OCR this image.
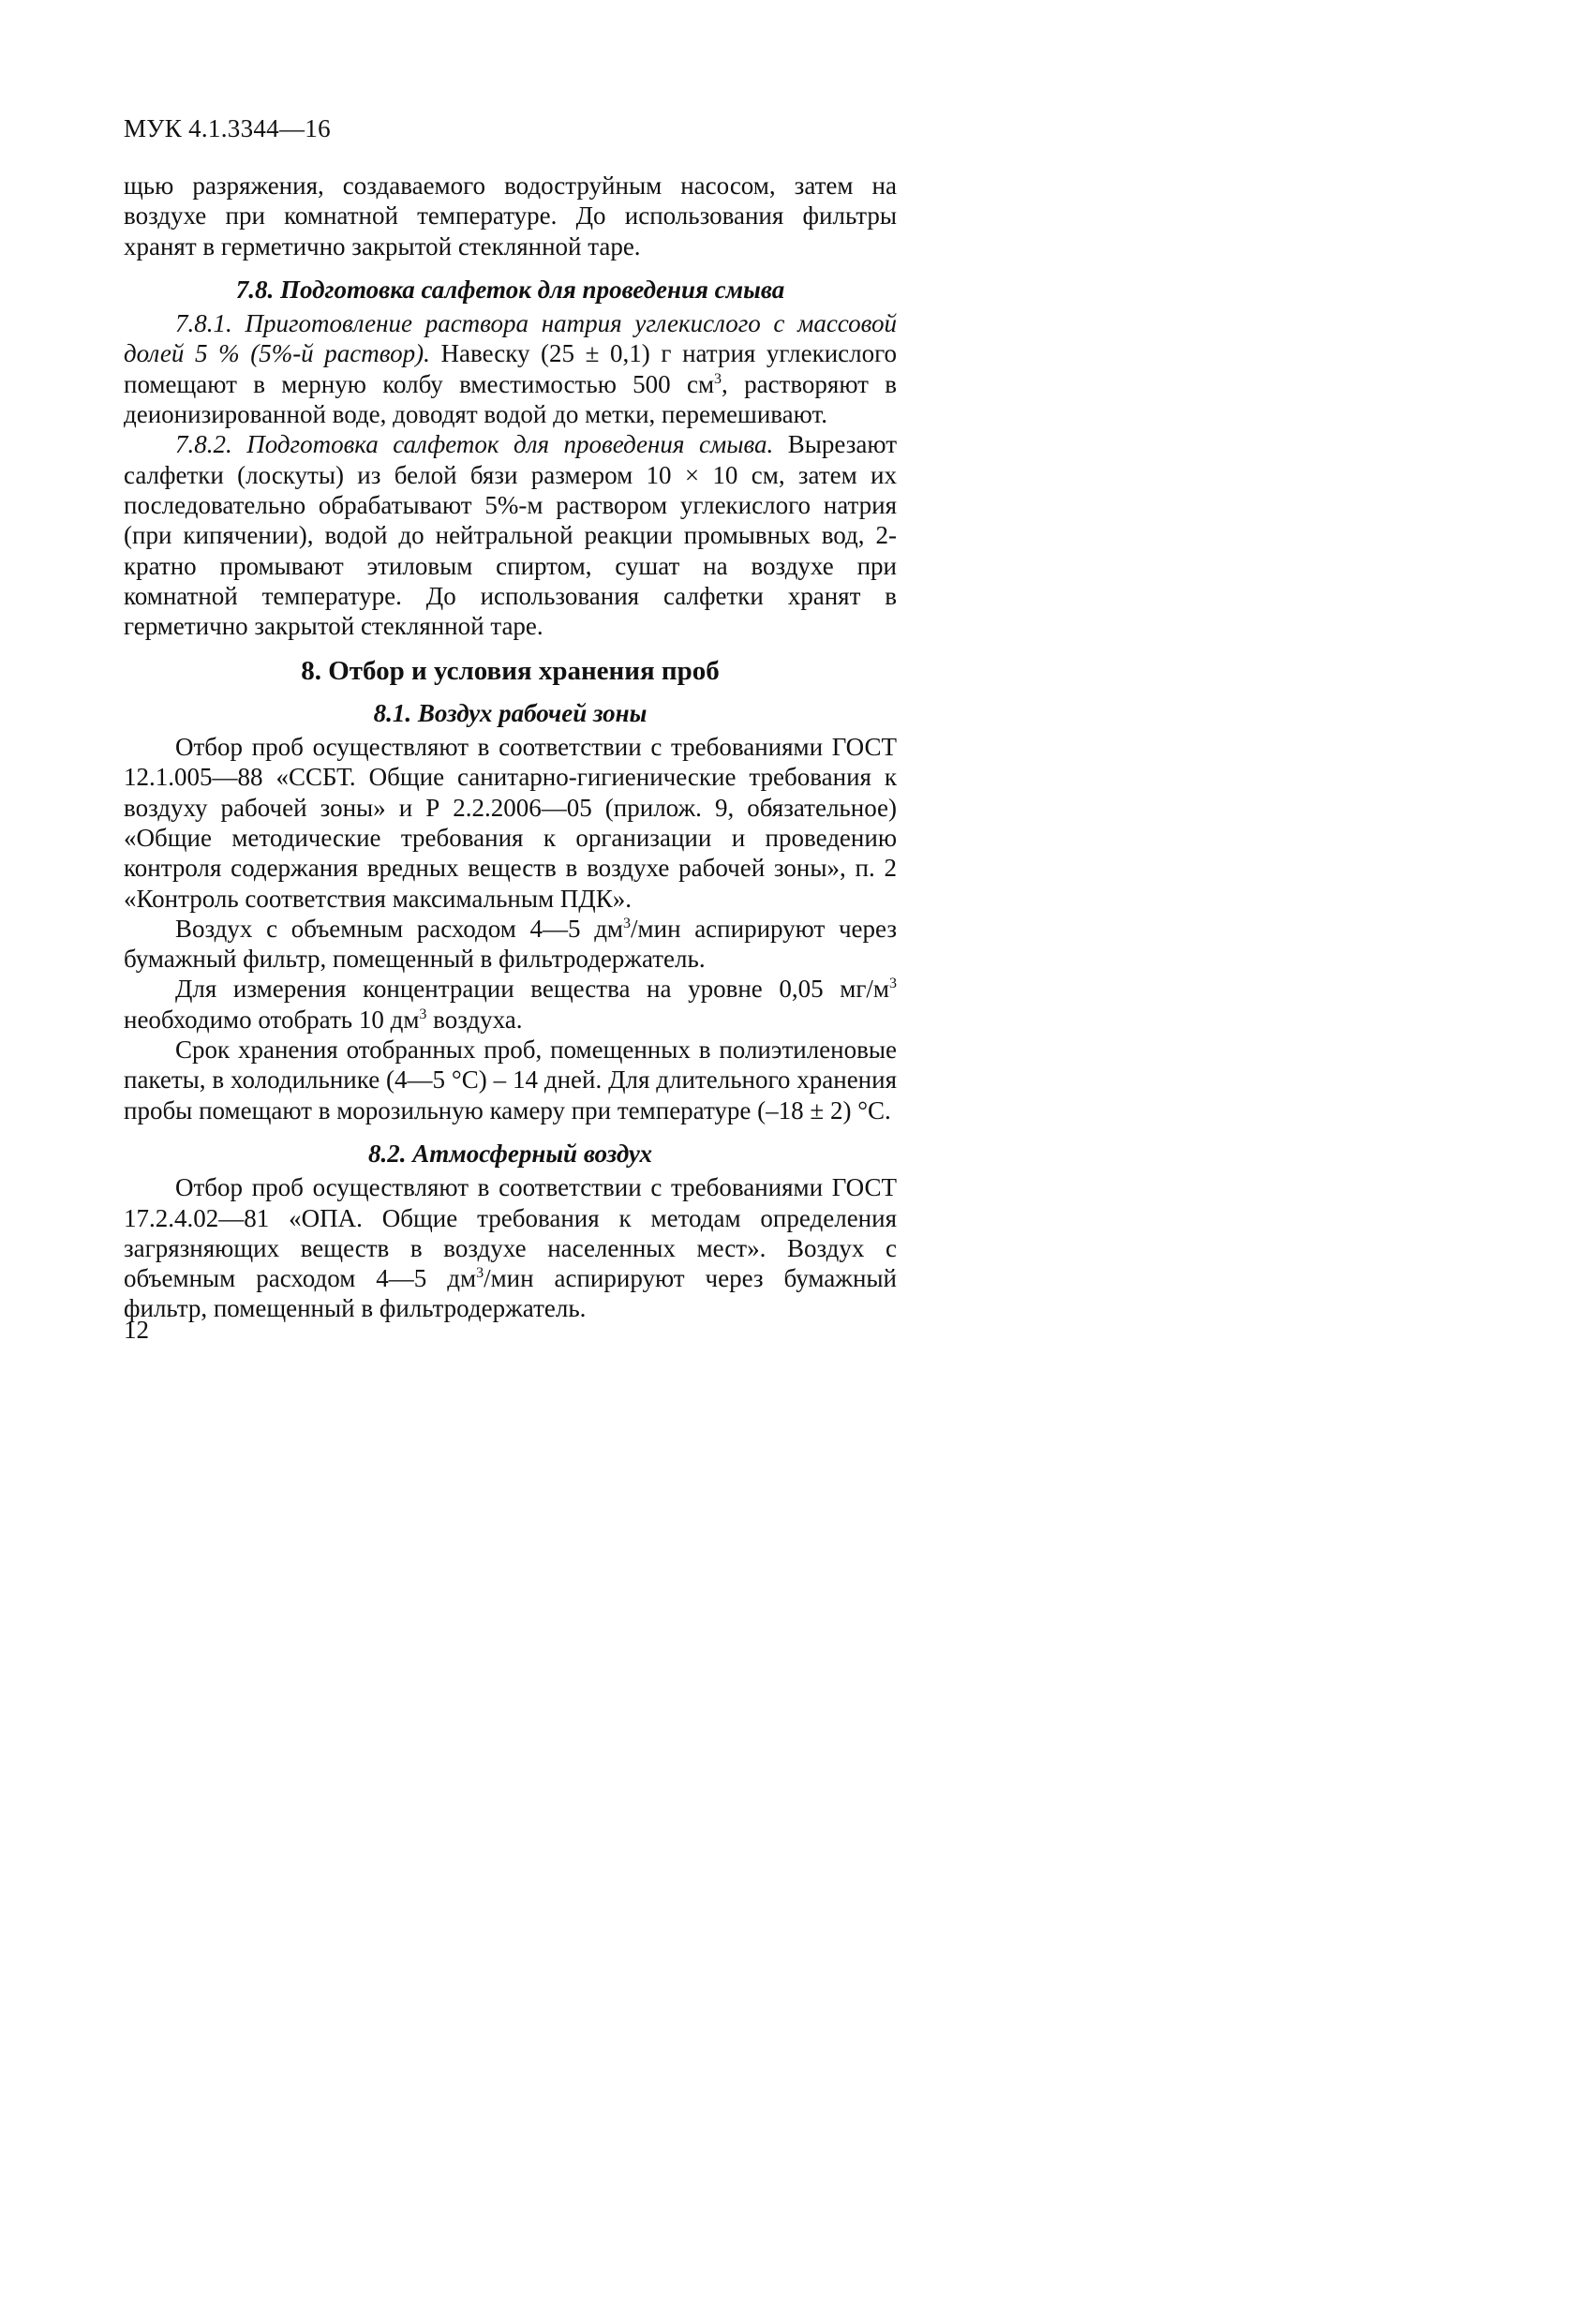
МУК 4.1.3344—16

щью разряжения, создаваемого водоструйным насосом, затем на воздухе при комнатной температуре. До использования фильтры хранят в герметично закрытой стеклянной таре.

7.8. Подготовка салфеток для проведения смыва

7.8.1. Приготовление раствора натрия углекислого с массовой долей 5 % (5%-й раствор). Навеску (25 ± 0,1) г натрия углекислого помещают в мерную колбу вместимостью 500 $см^3$, растворяют в деионизированной воде, доводят водой до метки, перемешивают.

7.8.2. Подготовка салфеток для проведения смыва. Вырезают салфетки (лоскуты) из белой бязи размером 10 × 10 см, затем их последовательно обрабатывают 5%-м раствором углекислого натрия (при кипячении), водой до нейтральной реакции промывных вод, 2-кратно промывают этиловым спиртом, сушат на воздухе при комнатной температуре. До использования салфетки хранят в герметично закрытой стеклянной таре.

8. Отбор и условия хранения проб

8.1. Воздух рабочей зоны

Отбор проб осуществляют в соответствии с требованиями ГОСТ 12.1.005—88 «ССБТ. Общие санитарно-гигиенические требования к воздуху рабочей зоны» и Р 2.2.2006—05 (прилож. 9, обязательное) «Общие методические требования к организации и проведению контроля содержания вредных веществ в воздухе рабочей зоны», п. 2 «Контроль соответствия максимальным ПДК».

Воздух с объемным расходом 4—5 $дм^3$/мин аспирируют через бумажный фильтр, помещенный в фильтродержатель.

Для измерения концентрации вещества на уровне 0,05 $мг/м^3$ необходимо отобрать 10 $дм^3$ воздуха.

Срок хранения отобранных проб, помещенных в полиэтиленовые пакеты, в холодильнике (4—5 °С) – 14 дней. Для длительного хранения пробы помещают в морозильную камеру при температуре (–18 ± 2) °С.

8.2. Атмосферный воздух

Отбор проб осуществляют в соответствии с требованиями ГОСТ 17.2.4.02—81 «ОПА. Общие требования к методам определения загрязняющих веществ в воздухе населенных мест». Воздух с объемным расходом 4—5 $дм^3$/мин аспирируют через бумажный фильтр, помещенный в фильтродержатель.

12
